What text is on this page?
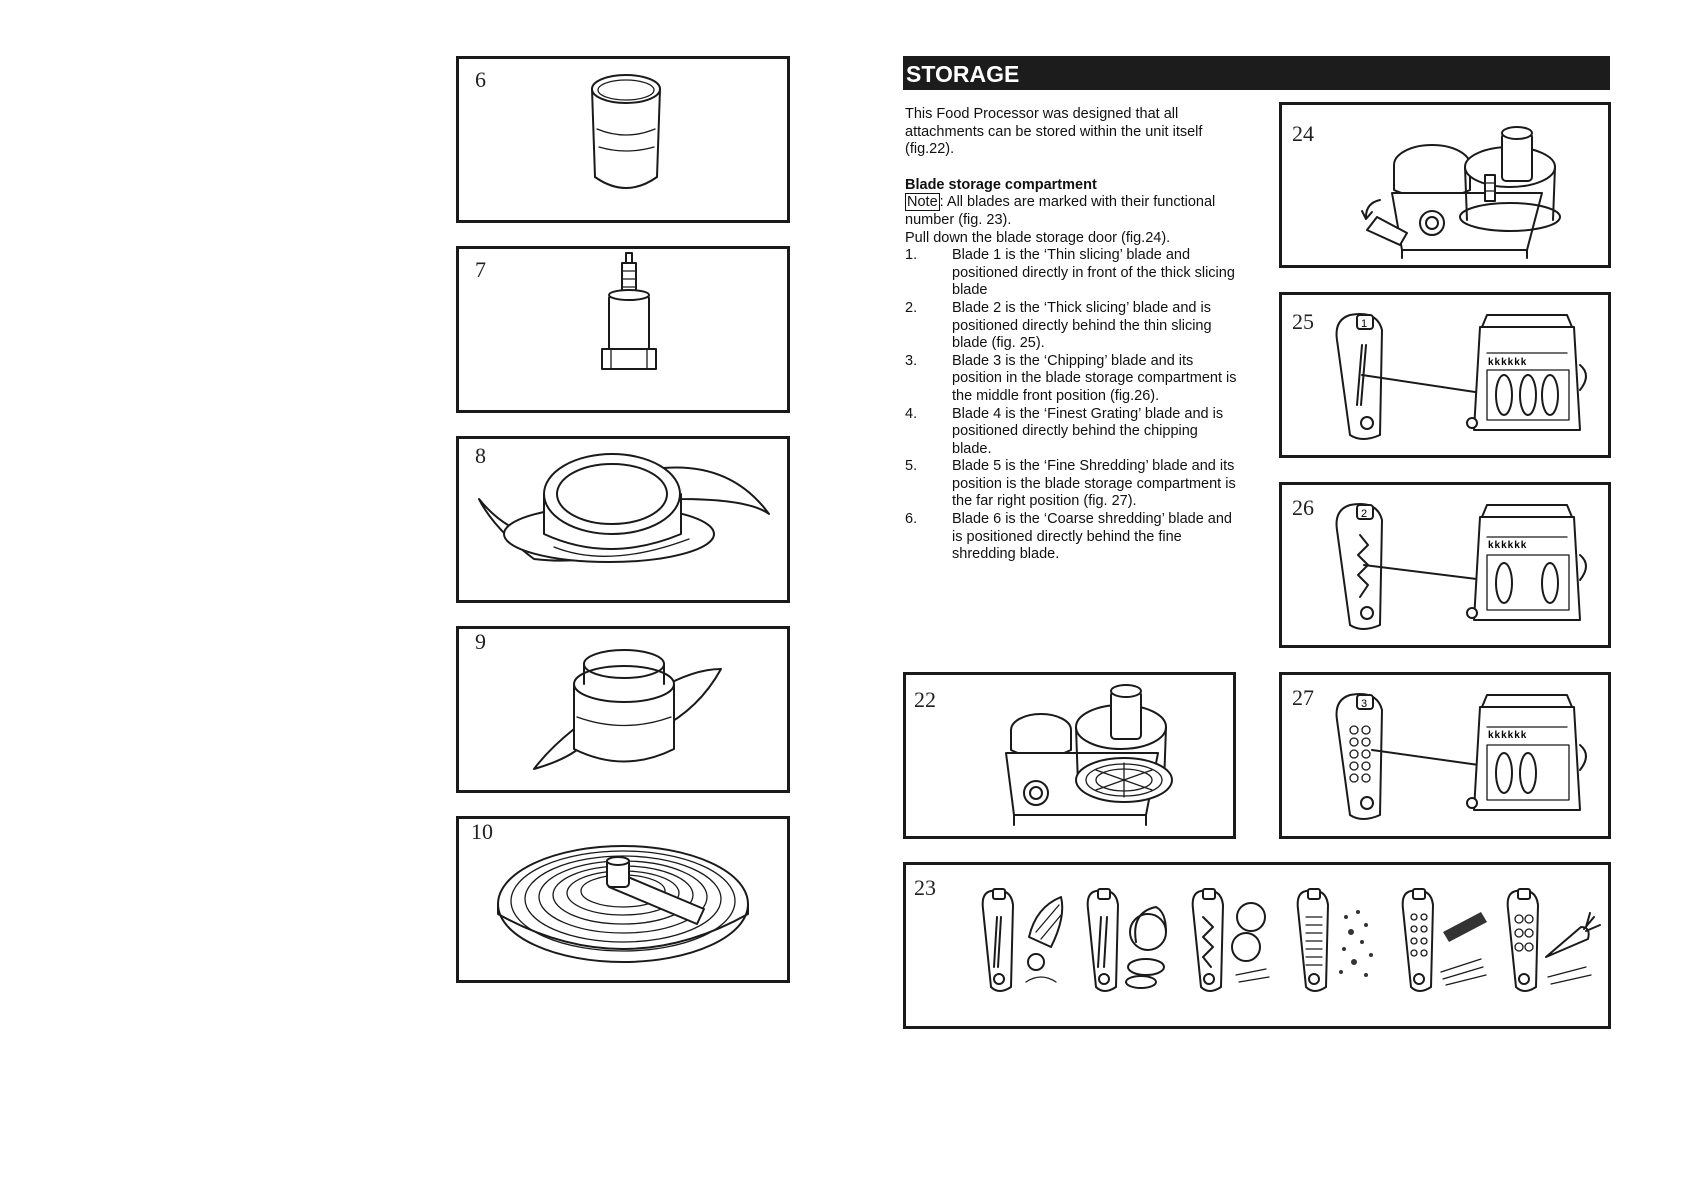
6
7
8
9
10
STORAGE

This Food Processor was designed that all attachments can be stored within the unit itself (fig.22).

Blade storage compartment

Note : All blades are marked with their functional number (fig. 23).

Pull down the blade storage door (fig.24).

1. Blade 1 is the ‘Thin slicing’ blade and positioned directly in front of the thick slicing blade
2. Blade 2 is the ‘Thick slicing’ blade and is positioned directly behind the thin slicing blade (fig. 25).
3. Blade 3 is the ‘Chipping’ blade and its position in the blade storage compartment is the middle front position (fig.26).
4. Blade 4 is the ‘Finest Grating’ blade and is positioned directly behind the chipping blade.
5. Blade 5 is the ‘Fine Shredding’ blade and its position is the blade storage compartment is the far right position (fig. 27).
6. Blade 6 is the ‘Coarse shredding’ blade and is positioned directly behind the fine shredding blade.
24
25	1
kkkkkk
26	2
kkkkkk
22	27	3
kkkkkk
23
